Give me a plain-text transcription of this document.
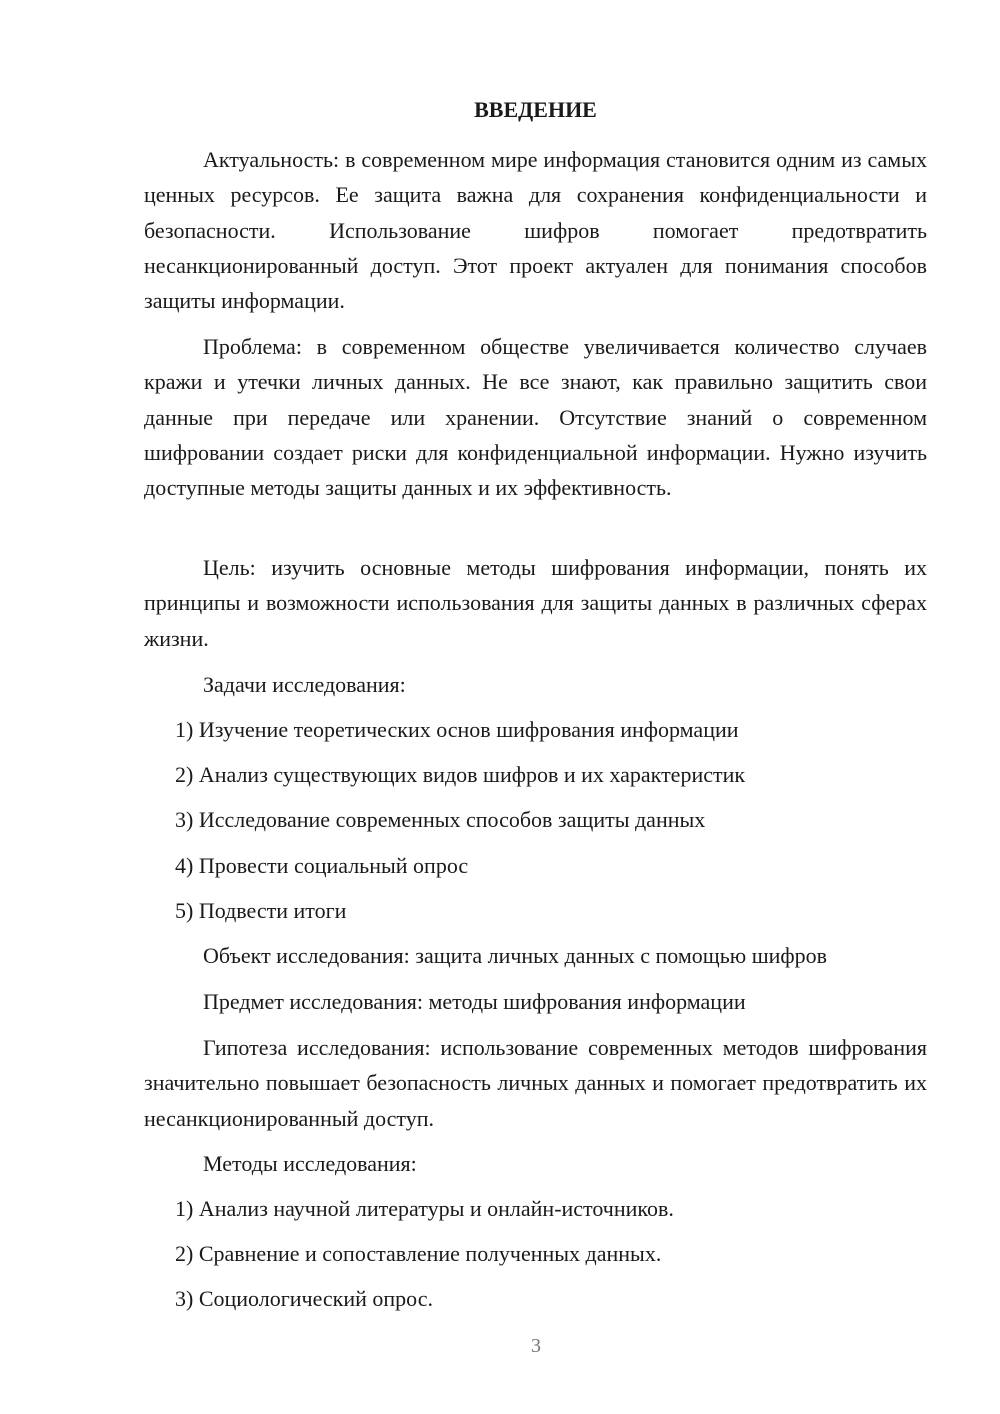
ВВЕДЕНИЕ
Актуальность: в современном мире информация становится одним из самых ценных ресурсов. Ее защита важна для сохранения конфиденциальности и безопасности. Использование шифров помогает предотвратить несанкционированный доступ. Этот проект актуален для понимания способов защиты информации.
Проблема: в современном обществе увеличивается количество случаев кражи и утечки личных данных. Не все знают, как правильно защитить свои данные при передаче или хранении. Отсутствие знаний о современном шифровании создает риски для конфиденциальной информации. Нужно изучить доступные методы защиты данных и их эффективность.
Цель: изучить основные методы шифрования информации, понять их принципы и возможности использования для защиты данных в различных сферах жизни.
Задачи исследования:
1) Изучение теоретических основ шифрования информации
2) Анализ существующих видов шифров и их характеристик
3) Исследование современных способов защиты данных
4) Провести социальный опрос
5) Подвести итоги
Объект исследования: защита личных данных с помощью шифров
Предмет исследования: методы шифрования информации
Гипотеза исследования: использование современных методов шифрования значительно повышает безопасность личных данных и помогает предотвратить их несанкционированный доступ.
Методы исследования:
1) Анализ научной литературы и онлайн-источников.
2) Сравнение и сопоставление полученных данных.
3) Социологический опрос.
3
